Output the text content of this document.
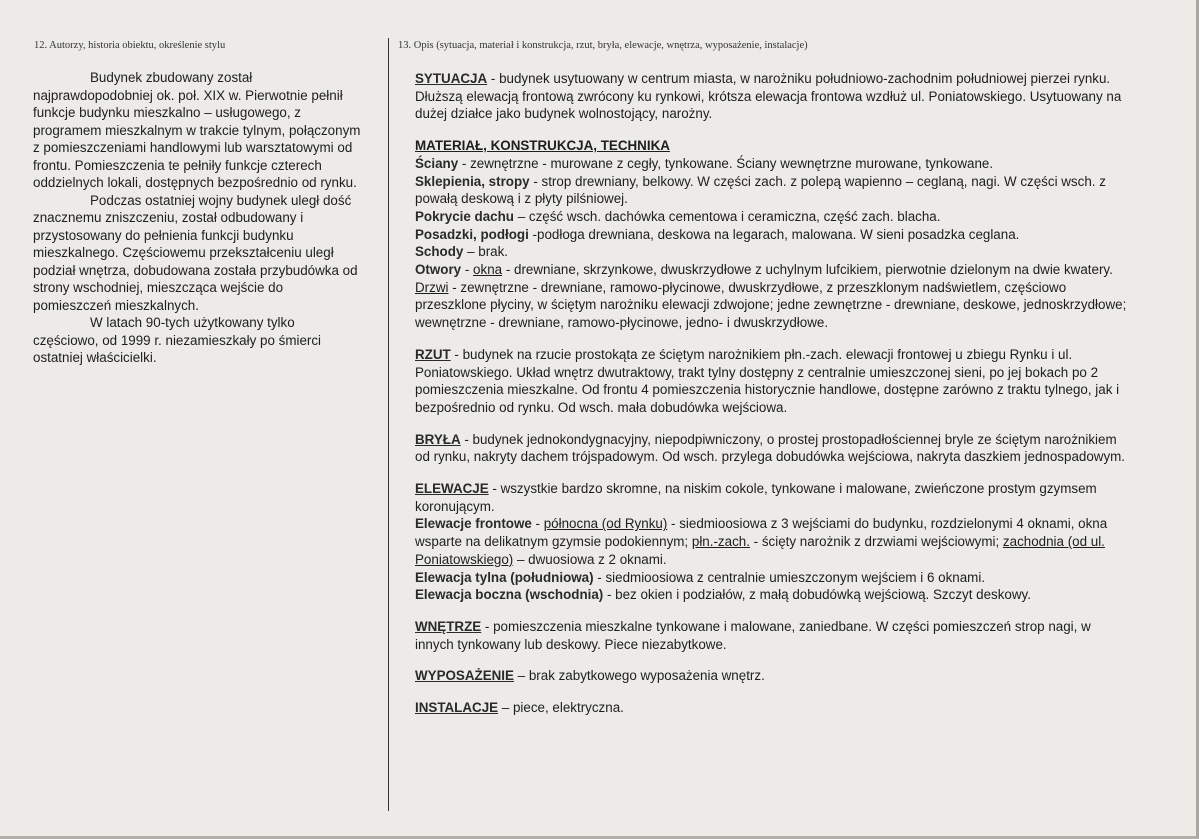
12. Autorzy, historia obiektu, określenie stylu	13. Opis (sytuacja, materiał i konstrukcja, rzut, bryła, elewacje, wnętrza, wyposażenie, instalacje)

Budynek zbudowany został najprawdopodobniej ok. poł. XIX w. Pierwotnie pełnił funkcje budynku mieszkalno – usługowego, z programem mieszkalnym w trakcie tylnym, połączonym z pomieszczeniami handlowymi lub warsztatowymi od frontu. Pomieszczenia te pełniły funkcje czterech oddzielnych lokali, dostępnych bezpośrednio od rynku.

Podczas ostatniej wojny budynek uległ dość znacznemu zniszczeniu, został odbudowany i przystosowany do pełnienia funkcji budynku mieszkalnego. Częściowemu przekształceniu uległ podział wnętrza, dobudowana została przybudówka od strony wschodniej, mieszcząca wejście do pomieszczeń mieszkalnych.

W latach 90-tych użytkowany tylko częściowo, od 1999 r. niezamieszkały po śmierci ostatniej właścicielki.

SYTUACJA - budynek usytuowany w centrum miasta, w narożniku południowo-zachodnim południowej pierzei rynku. Dłuższą elewacją frontową zwrócony ku rynkowi, krótsza elewacja frontowa wzdłuż ul. Poniatowskiego. Usytuowany na dużej działce jako budynek wolnostojący, narożny.
MATERIAŁ, KONSTRUKCJA, TECHNIKA
Ściany - zewnętrzne - murowane z cegły, tynkowane. Ściany wewnętrzne murowane, tynkowane.
Sklepienia, stropy - strop drewniany, belkowy. W części zach. z polepą wapienno – ceglaną, nagi. W części wsch. z powałą deskową i z płyty pilśniowej.
Pokrycie dachu – część wsch. dachówka cementowa i ceramiczna, część zach. blacha.
Posadzki, podłogi -podłoga drewniana, deskowa na legarach, malowana. W sieni posadzka ceglana.
Schody – brak.
Otwory - okna - drewniane, skrzynkowe, dwuskrzydłowe z uchylnym lufcikiem, pierwotnie dzielonym na dwie kwatery. Drzwi - zewnętrzne - drewniane, ramowo-płycinowe, dwuskrzydłowe, z przeszklonym nadświetlem, częściowo przeszklone płyciny, w ściętym narożniku elewacji zdwojone; jedne zewnętrzne - drewniane, deskowe, jednoskrzydłowe; wewnętrzne - drewniane, ramowo-płycinowe, jedno- i dwuskrzydłowe.
RZUT - budynek na rzucie prostokąta ze ściętym narożnikiem płn.-zach. elewacji frontowej u zbiegu Rynku i ul. Poniatowskiego. Układ wnętrz dwutraktowy, trakt tylny dostępny z centralnie umieszczonej sieni, po jej bokach po 2 pomieszczenia mieszkalne. Od frontu 4 pomieszczenia historycznie handlowe, dostępne zarówno z traktu tylnego, jak i bezpośrednio od rynku. Od wsch. mała dobudówka wejściowa.
BRYŁA - budynek jednokondygnacyjny, niepodpiwniczony, o prostej prostopadłościennej bryle ze ściętym narożnikiem od rynku, nakryty dachem trójspadowym. Od wsch. przylega dobudówka wejściowa, nakryta daszkiem jednospadowym.
ELEWACJE - wszystkie bardzo skromne, na niskim cokole, tynkowane i malowane, zwieńczone prostym gzymsem koronującym.
Elewacje frontowe - północna (od Rynku) - siedmioosiowa z 3 wejściami do budynku, rozdzielonymi 4 oknami, okna wsparte na delikatnym gzymsie podokiennym; płn.-zach. - ścięty narożnik z drzwiami wejściowymi; zachodnia (od ul. Poniatowskiego) – dwuosiowa z 2 oknami.
Elewacja tylna (południowa) - siedmioosiowa z centralnie umieszczonym wejściem i 6 oknami.
Elewacja boczna (wschodnia) - bez okien i podziałów, z małą dobudówką wejściową. Szczyt deskowy.
WNĘTRZE - pomieszczenia mieszkalne tynkowane i malowane, zaniedbane. W części pomieszczeń strop nagi, w innych tynkowany lub deskowy. Piece niezabytkowe.
WYPOSAŻENIE – brak zabytkowego wyposażenia wnętrz.
INSTALACJE – piece, elektryczna.
